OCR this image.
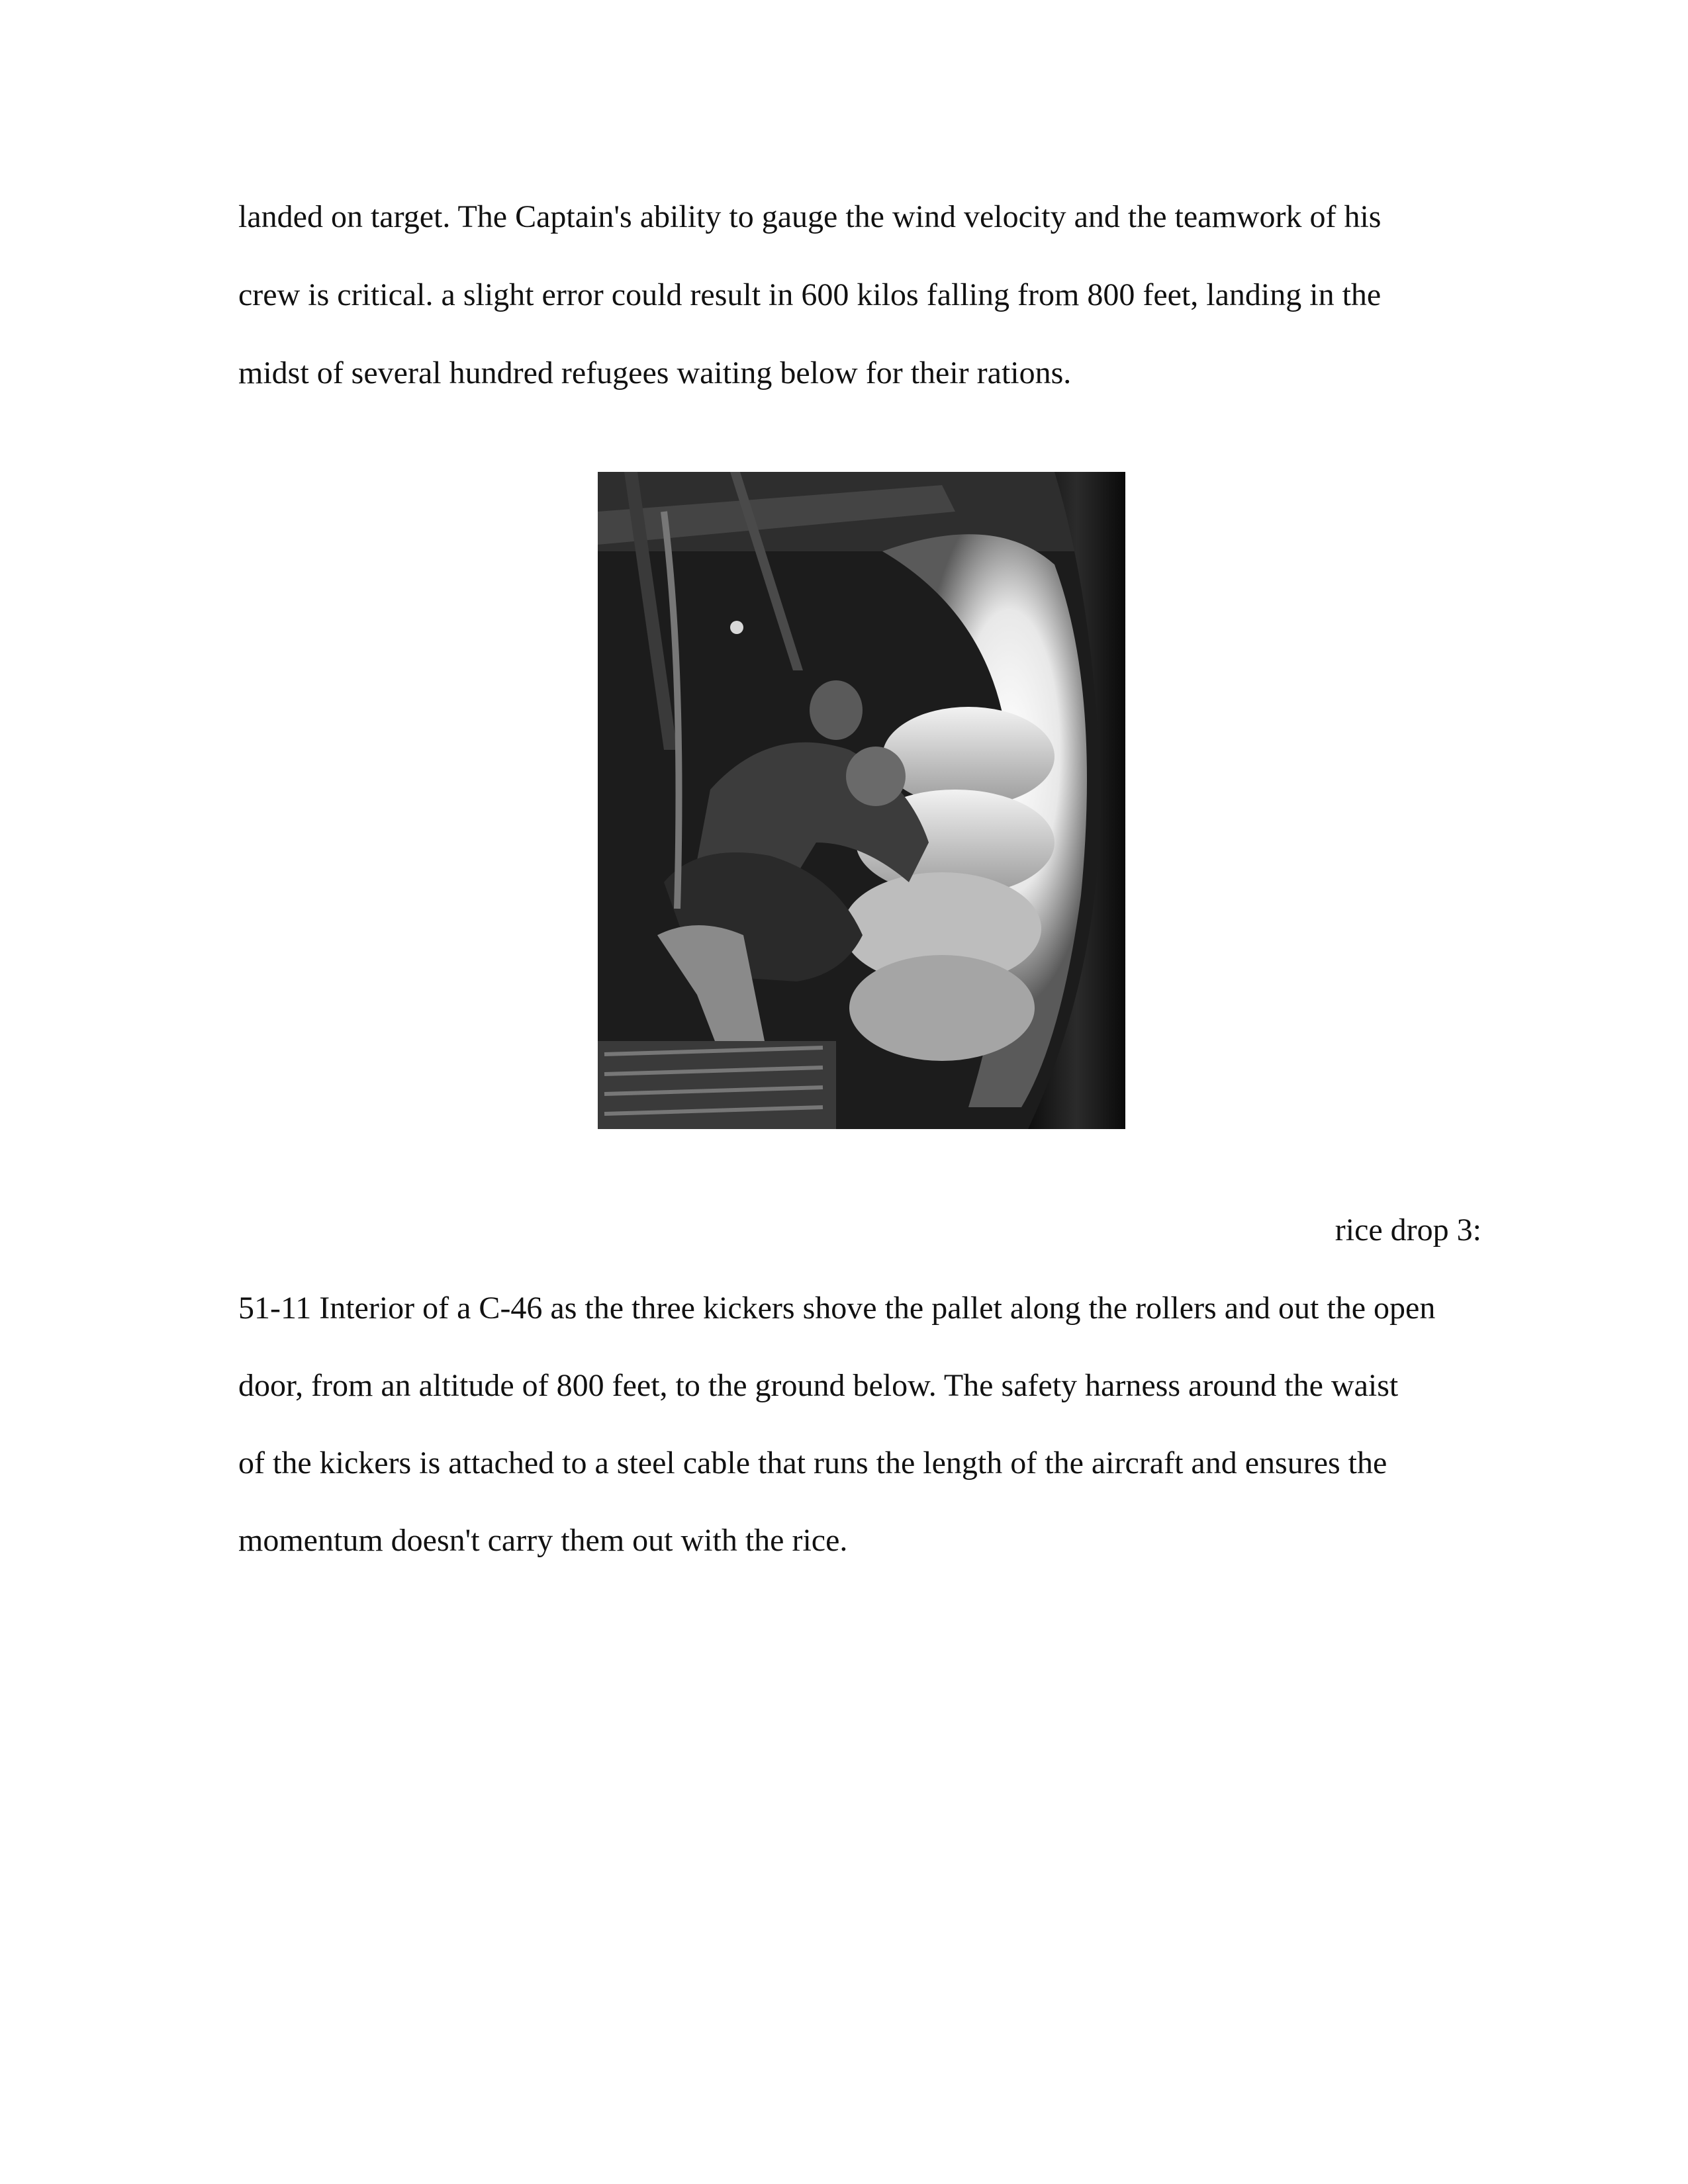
landed on target. The Captain's ability to gauge the wind velocity and the teamwork of his
crew is critical. a slight error could result in 600 kilos falling from 800 feet, landing in the
midst of several hundred refugees waiting below for their rations.
rice drop 3:
51-11 Interior of a C-46 as the three kickers shove the pallet along the rollers and out the open
door, from an altitude of 800 feet, to the ground below. The safety harness around the waist
of the kickers is attached to a steel cable that runs the length of the aircraft and ensures the
momentum doesn't carry them out with the rice.
